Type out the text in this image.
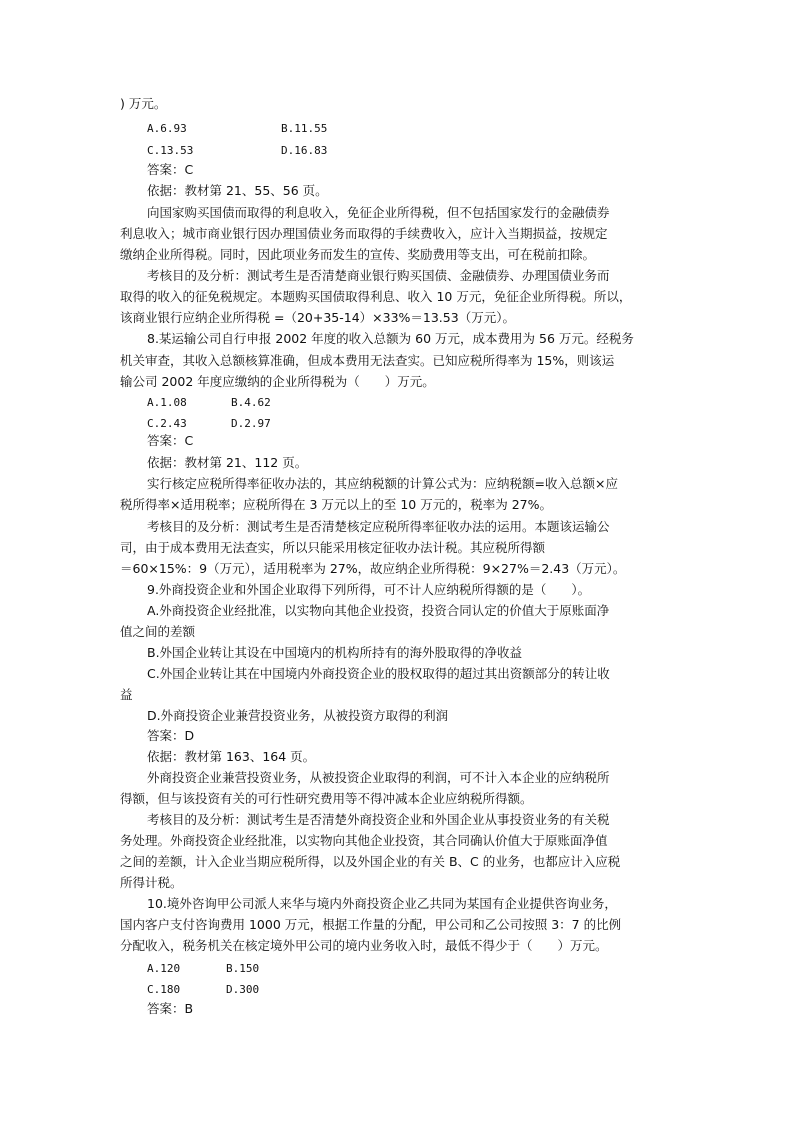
) 万元。
A.6.93	B.11.55
C.13.53	D.16.83
答案：C
依据：教材第 21、55、56 页。
向国家购买国债而取得的利息收入，免征企业所得税，但不包括国家发行的金融债券
利息收入；城市商业银行因办理国债业务而取得的手续费收入，应计入当期损益，按规定
缴纳企业所得税。同时，因此项业务而发生的宣传、奖励费用等支出，可在税前扣除。
考核目的及分析：测试考生是否清楚商业银行购买国债、金融债券、办理国债业务而
取得的收入的征免税规定。本题购买国债取得利息、收入 10 万元，免征企业所得税。所以，
该商业银行应纳企业所得税 =（20+35-14）×33%＝13.53（万元）。
8.某运输公司自行申报 2002 年度的收入总额为 60 万元，成本费用为 56 万元。经税务
机关审查，其收入总额核算准确，但成本费用无法查实。已知应税所得率为 15%，则该运
输公司 2002 年度应缴纳的企业所得税为（　　）万元。
A.1.08	B.4.62
C.2.43	D.2.97
答案：C
依据：教材第 21、112 页。
实行核定应税所得率征收办法的，其应纳税额的计算公式为：应纳税额=收入总额×应
税所得率×适用税率；应税所得在 3 万元以上的至 10 万元的，税率为 27%。
考核目的及分析：测试考生是否清楚核定应税所得率征收办法的运用。本题该运输公
司，由于成本费用无法查实，所以只能采用核定征收办法计税。其应税所得额
＝60×15%：9（万元），适用税率为 27%，故应纳企业所得税：9×27%＝2.43（万元）。
9.外商投资企业和外国企业取得下列所得，可不计人应纳税所得额的是（　　）。
A.外商投资企业经批准，以实物向其他企业投资，投资合同认定的价值大于原账面净
值之间的差额
B.外国企业转让其设在中国境内的机构所持有的海外股取得的净收益
C.外国企业转让其在中国境内外商投资企业的股权取得的超过其出资额部分的转让收
益
D.外商投资企业兼营投资业务，从被投资方取得的利润
答案：D
依据：教材第 163、164 页。
外商投资企业兼营投资业务，从被投资企业取得的利润，可不计入本企业的应纳税所
得额，但与该投资有关的可行性研究费用等不得冲减本企业应纳税所得额。
考核目的及分析：测试考生是否清楚外商投资企业和外国企业从事投资业务的有关税
务处理。外商投资企业经批准，以实物向其他企业投资，其合同确认价值大于原账面净值
之间的差额，计入企业当期应税所得，以及外国企业的有关 B、C 的业务，也都应计入应税
所得计税。
10.境外咨询甲公司派人来华与境内外商投资企业乙共同为某国有企业提供咨询业务，
国内客户支付咨询费用 1000 万元，根据工作量的分配，甲公司和乙公司按照 3：7 的比例
分配收入，税务机关在核定境外甲公司的境内业务收入时，最低不得少于（　　）万元。
A.120	B.150
C.180	D.300
答案：B
